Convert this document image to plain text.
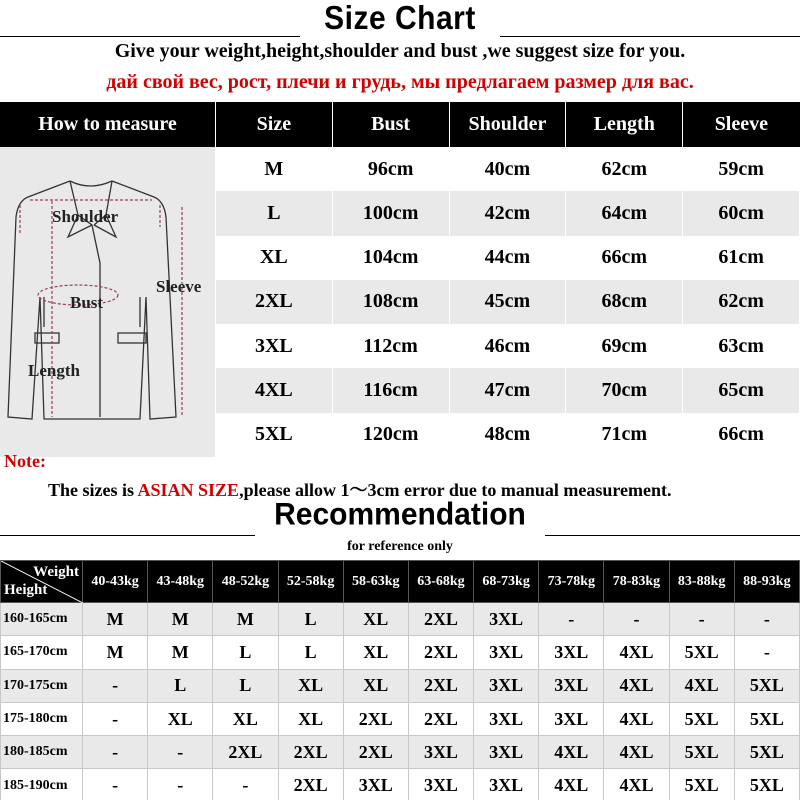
Size Chart
Give your weight,height,shoulder and bust ,we suggest size for you.
дай свой вес, рост, плечи и грудь, мы предлагаем размер для вас.
How to measure	Size	Bust	Shoulder	Length	Sleeve

Shoulder
Bust
Sleeve
Length	M	96cm	40cm	62cm	59cm
	L	100cm	42cm	64cm	60cm
	XL	104cm	44cm	66cm	61cm
	2XL	108cm	45cm	68cm	62cm
	3XL	112cm	46cm	69cm	63cm
	4XL	116cm	47cm	70cm	65cm
	5XL	120cm	48cm	71cm	66cm
Note:
The sizes is ASIAN SIZE,please allow 1～3cm error due to manual measurement.
Recommendation
for reference only
Weight
Height	40-43kg	43-48kg	48-52kg	52-58kg	58-63kg	63-68kg	68-73kg	73-78kg	78-83kg	83-88kg	88-93kg
160-165cm	M	M	M	L	XL	2XL	3XL	-	-	-	-
165-170cm	M	M	L	L	XL	2XL	3XL	3XL	4XL	5XL	-
170-175cm	-	L	L	XL	XL	2XL	3XL	3XL	4XL	4XL	5XL
175-180cm	-	XL	XL	XL	2XL	2XL	3XL	3XL	4XL	5XL	5XL
180-185cm	-	-	2XL	2XL	2XL	3XL	3XL	4XL	4XL	5XL	5XL
185-190cm	-	-	-	2XL	3XL	3XL	3XL	4XL	4XL	5XL	5XL
